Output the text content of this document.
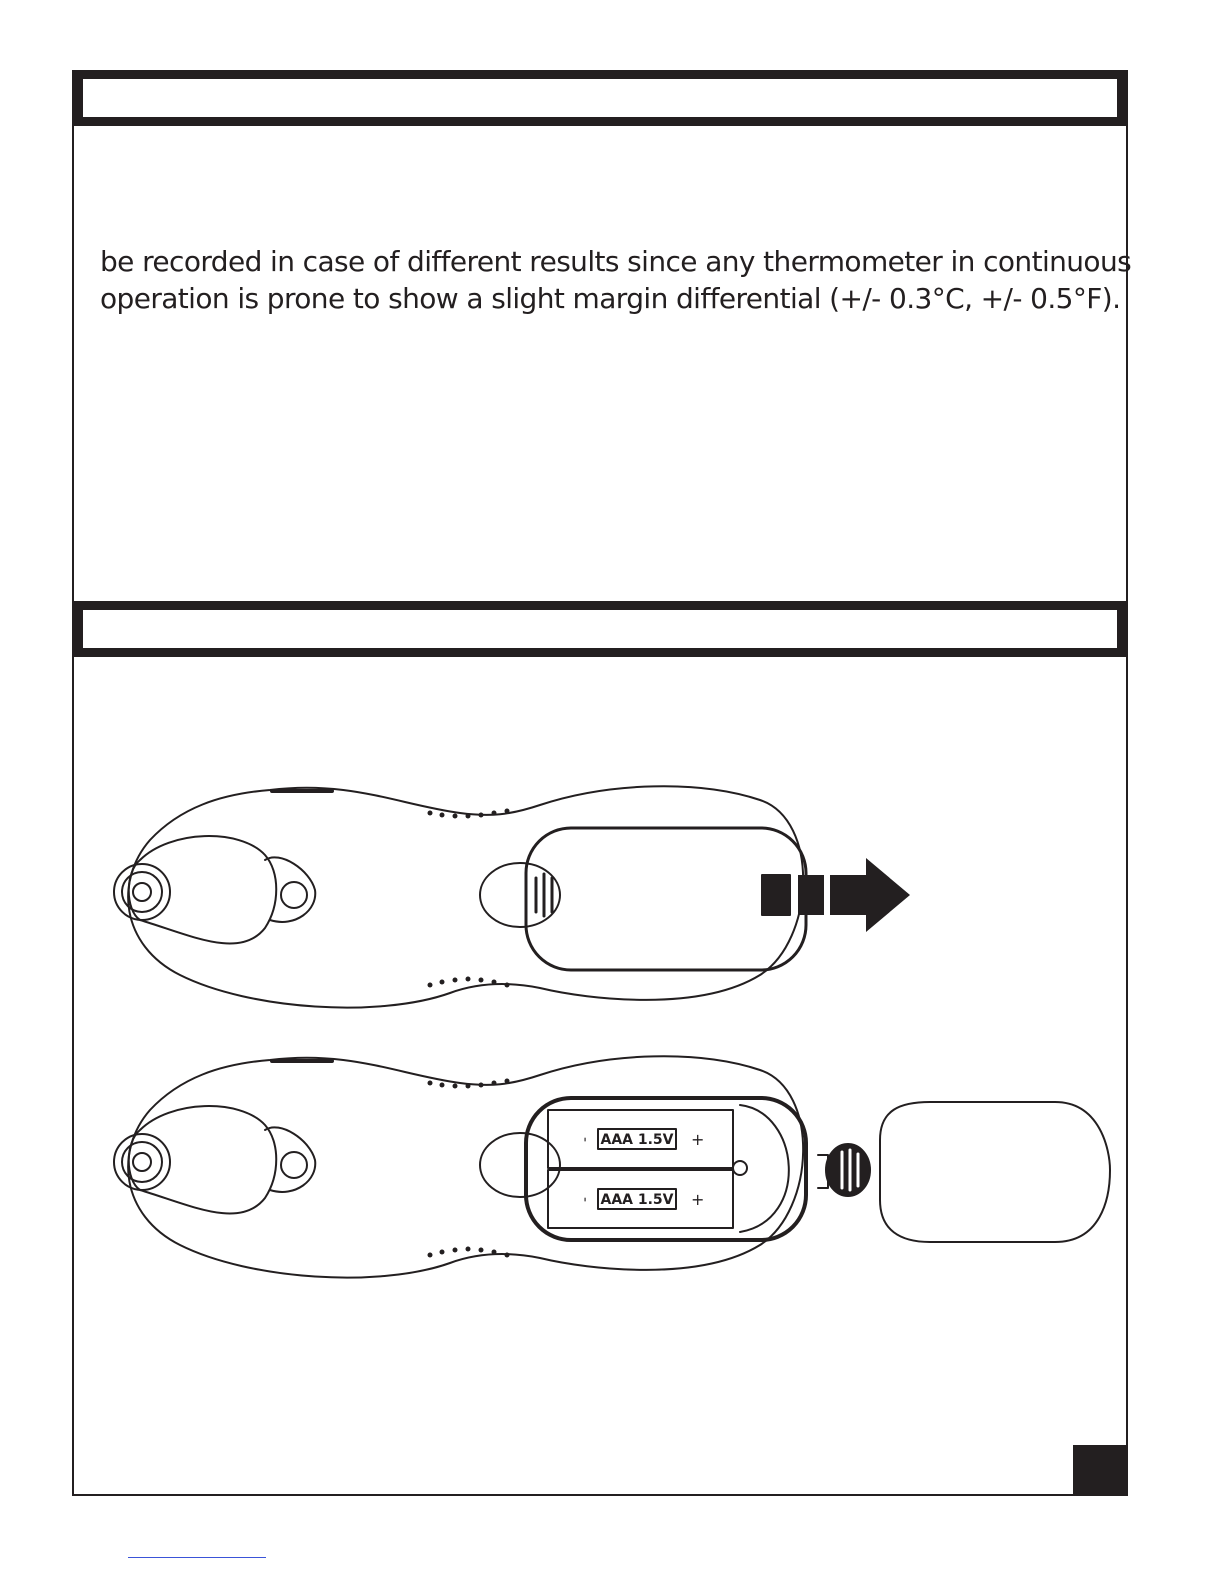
be recorded in case of different results since any thermometer in continuous
operation is prone to show a slight margin differential (+/- 0.3°C, +/- 0.5°F).

AAA 1.5V
AAA 1.5V
+
+
-
-
